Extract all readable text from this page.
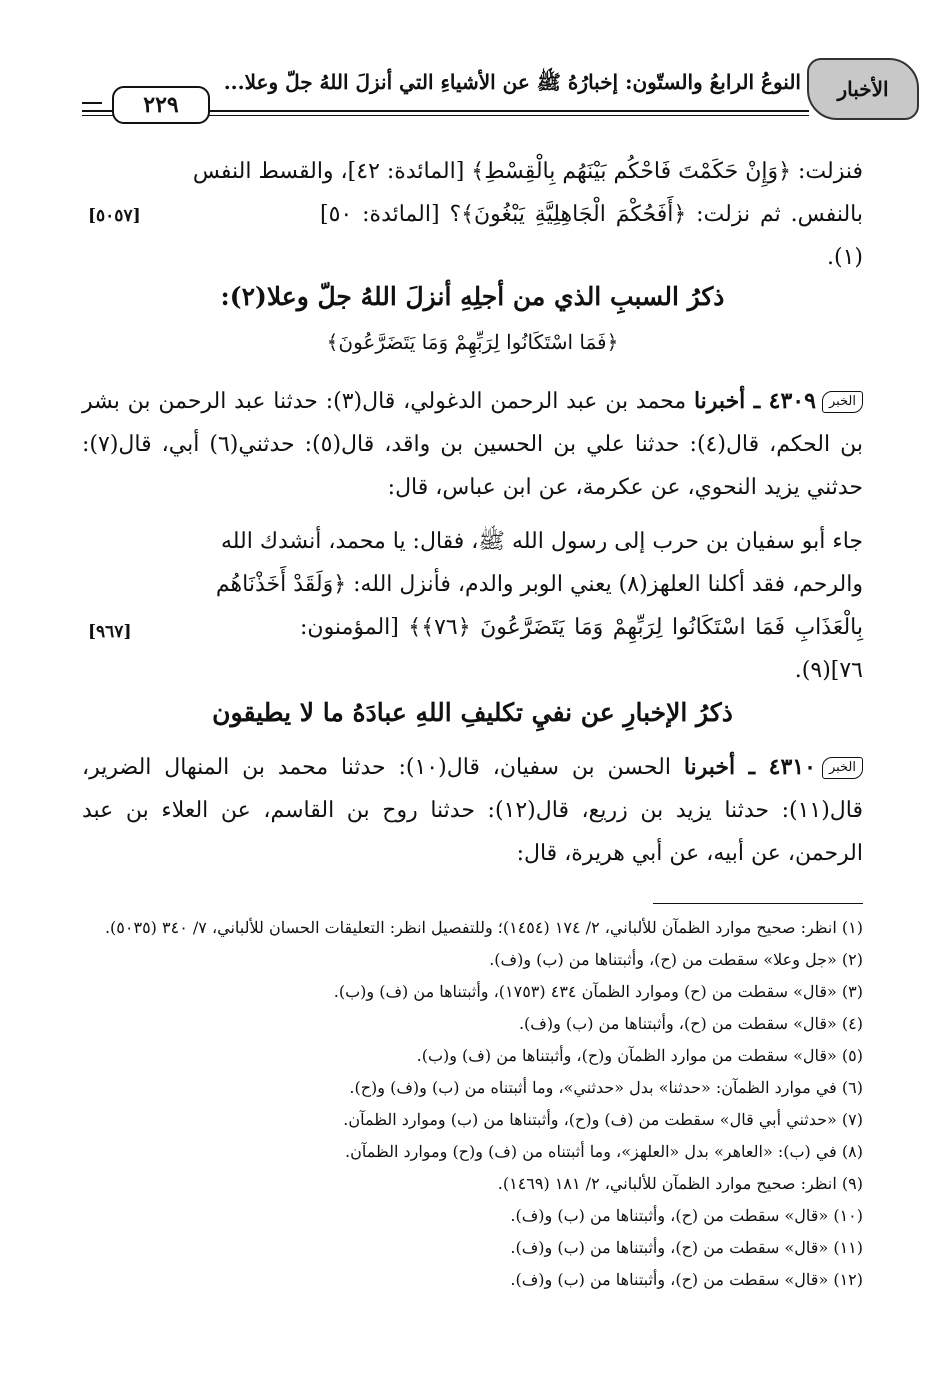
الأخبار
النوعُ الرابعُ والستّون: إخبارُهُ ﷺ عن الأشياءِ التي أنزلَ اللهُ جلّ وعلا...
٢٢٩
فنزلت: ﴿وَإِنْ حَكَمْتَ فَاحْكُم بَيْنَهُم بِالْقِسْطِ﴾ [المائدة: ٤٢]، والقسط النفس
بالنفس. ثم نزلت: ﴿أَفَحُكْمَ الْجَاهِلِيَّةِ يَبْغُونَ﴾؟ [المائدة: ٥٠](١).
[٥٠٥٧]
ذكرُ السببِ الذي من أجلِهِ أنزلَ اللهُ جلّ وعلا(٢):
﴿فَمَا اسْتَكَانُوا لِرَبِّهِمْ وَمَا يَتَضَرَّعُونَ﴾
الخبر٤٣٠٩ ـ أخبرنا محمد بن عبد الرحمن الدغولي، قال(٣): حدثنا عبد الرحمن بن بشر بن الحكم، قال(٤): حدثنا علي بن الحسين بن واقد، قال(٥): حدثني(٦) أبي، قال(٧): حدثني يزيد النحوي، عن عكرمة، عن ابن عباس، قال:
جاء أبو سفيان بن حرب إلى رسول الله ﷺ، فقال: يا محمد، أنشدك الله
والرحم، فقد أكلنا العلهز(٨) يعني الوبر والدم، فأنزل الله: ﴿وَلَقَدْ أَخَذْنَاهُم
بِالْعَذَابِ فَمَا اسْتَكَانُوا لِرَبِّهِمْ وَمَا يَتَضَرَّعُونَ ﴿٧٦﴾﴾ [المؤمنون: ٧٦](٩).
[٩٦٧]
ذكرُ الإخبارِ عن نفيِ تكليفِ اللهِ عبادَهُ ما لا يطيقون
الخبر٤٣١٠ ـ أخبرنا الحسن بن سفيان، قال(١٠): حدثنا محمد بن المنهال الضرير، قال(١١): حدثنا يزيد بن زريع، قال(١٢): حدثنا روح بن القاسم، عن العلاء بن عبد الرحمن، عن أبيه، عن أبي هريرة، قال:
(١) انظر: صحيح موارد الظمآن للألباني، ٢/ ١٧٤ (١٤٥٤)؛ وللتفصيل انظر: التعليقات الحسان للألباني، ٧/ ٣٤٠ (٥٠٣٥).
(٢) «جل وعلا» سقطت من (ح)، وأثبتناها من (ب) و(ف).
(٣) «قال» سقطت من (ح) وموارد الظمآن ٤٣٤ (١٧٥٣)، وأثبتناها من (ف) و(ب).
(٤) «قال» سقطت من (ح)، وأثبتناها من (ب) و(ف).
(٥) «قال» سقطت من موارد الظمآن و(ح)، وأثبتناها من (ف) و(ب).
(٦) في موارد الظمآن: «حدثنا» بدل «حدثني»، وما أثبتناه من (ب) و(ف) و(ح).
(٧) «حدثني أبي قال» سقطت من (ف) و(ح)، وأثبتناها من (ب) وموارد الظمآن.
(٨) في (ب): «العاهر» بدل «العلهز»، وما أثبتناه من (ف) و(ح) وموارد الظمآن.
(٩) انظر: صحيح موارد الظمآن للألباني، ٢/ ١٨١ (١٤٦٩).
(١٠) «قال» سقطت من (ح)، وأثبتناها من (ب) و(ف).
(١١) «قال» سقطت من (ح)، وأثبتناها من (ب) و(ف).
(١٢) «قال» سقطت من (ح)، وأثبتناها من (ب) و(ف).
